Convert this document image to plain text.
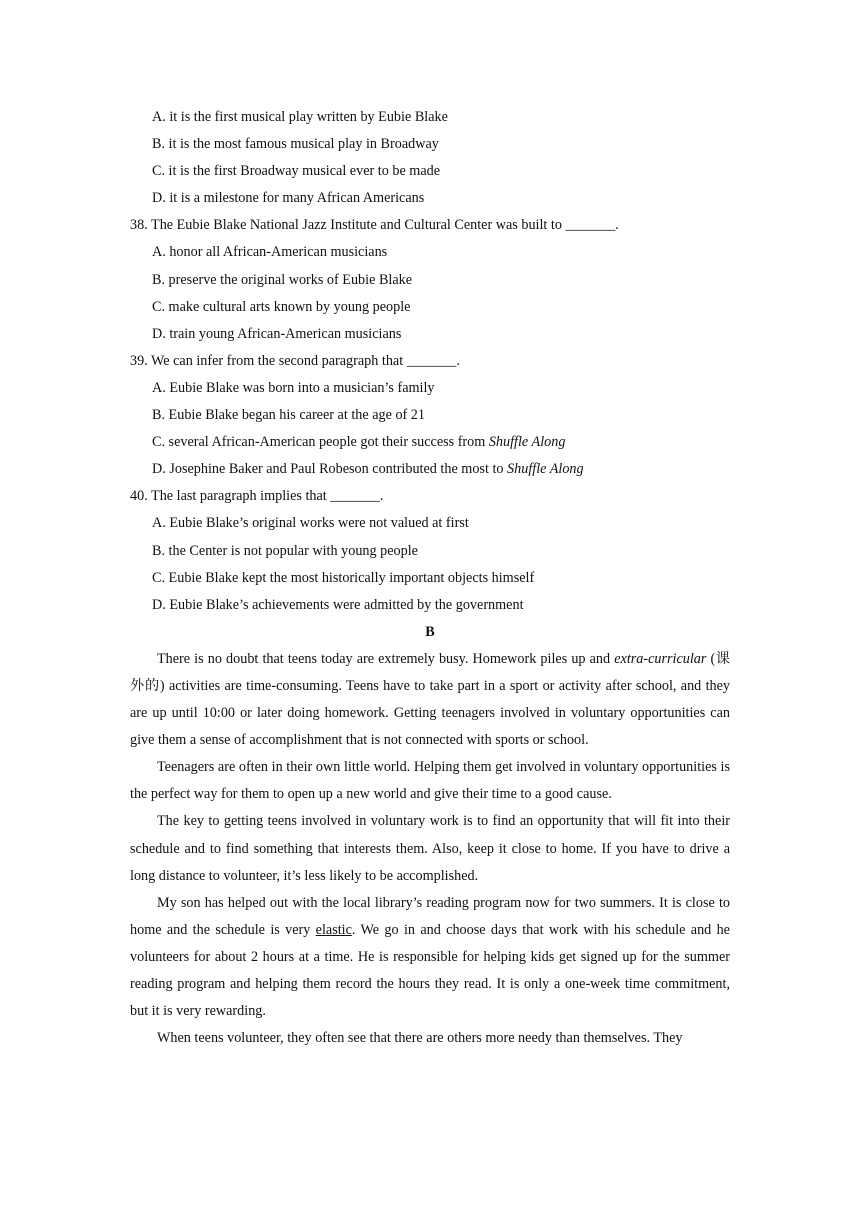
A. it is the first musical play written by Eubie Blake
B. it is the most famous musical play in Broadway
C. it is the first Broadway musical ever to be made
D. it is a milestone for many African Americans
38. The Eubie Blake National Jazz Institute and Cultural Center was built to _______.
A. honor all African-American musicians
B. preserve the original works of Eubie Blake
C. make cultural arts known by young people
D. train young African-American musicians
39. We can infer from the second paragraph that _______.
A. Eubie Blake was born into a musician’s family
B. Eubie Blake began his career at the age of 21
C. several African-American people got their success from Shuffle Along
D. Josephine Baker and Paul Robeson contributed the most to Shuffle Along
40. The last paragraph implies that _______.
A. Eubie Blake’s original works were not valued at first
B. the Center is not popular with young people
C. Eubie Blake kept the most historically important objects himself
D. Eubie Blake’s achievements were admitted by the government
B

There is no doubt that teens today are extremely busy. Homework piles up and extra-curricular (课外的) activities are time-consuming. Teens have to take part in a sport or activity after school, and they are up until 10:00 or later doing homework. Getting teenagers involved in voluntary opportunities can give them a sense of accomplishment that is not connected with sports or school.

Teenagers are often in their own little world. Helping them get involved in voluntary opportunities is the perfect way for them to open up a new world and give their time to a good cause.

The key to getting teens involved in voluntary work is to find an opportunity that will fit into their schedule and to find something that interests them. Also, keep it close to home. If you have to drive a long distance to volunteer, it’s less likely to be accomplished.

My son has helped out with the local library’s reading program now for two summers. It is close to home and the schedule is very elastic. We go in and choose days that work with his schedule and he volunteers for about 2 hours at a time. He is responsible for helping kids get signed up for the summer reading program and helping them record the hours they read. It is only a one-week time commitment, but it is very rewarding.

When teens volunteer, they often see that there are others more needy than themselves. They
